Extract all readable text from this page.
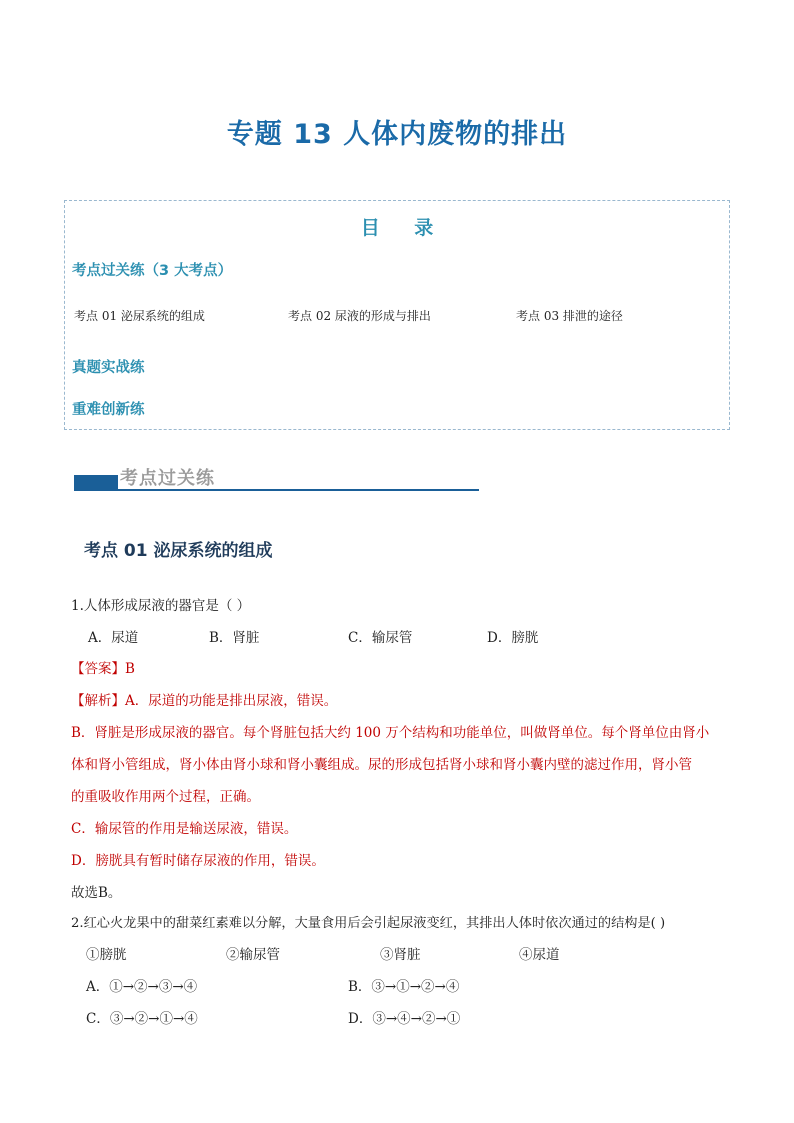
专题 13 人体内废物的排出
目 录
考点过关练（3 大考点）
考点 01 泌尿系统的组成	考点 02 尿液的形成与排出	考点 03 排泄的途径
真题实战练
重难创新练
考点过关练
考点 01 泌尿系统的组成
1.人体形成尿液的器官是（ ）
A．尿道	B．肾脏	C．输尿管	D．膀胱
【答案】B
【解析】A．尿道的功能是排出尿液，错误。
B．肾脏是形成尿液的器官。每个肾脏包括大约 100 万个结构和功能单位，叫做肾单位。每个肾单位由肾小
体和肾小管组成，肾小体由肾小球和肾小囊组成。尿的形成包括肾小球和肾小囊内壁的滤过作用，肾小管
的重吸收作用两个过程，正确。
C．输尿管的作用是输送尿液，错误。
D．膀胱具有暂时储存尿液的作用，错误。
故选B。
2.红心火龙果中的甜菜红素难以分解，大量食用后会引起尿液变红，其排出人体时依次通过的结构是( )
①膀胱	②输尿管	③肾脏	④尿道
A．①→②→③→④	B．③→①→②→④
C．③→②→①→④	D．③→④→②→①
